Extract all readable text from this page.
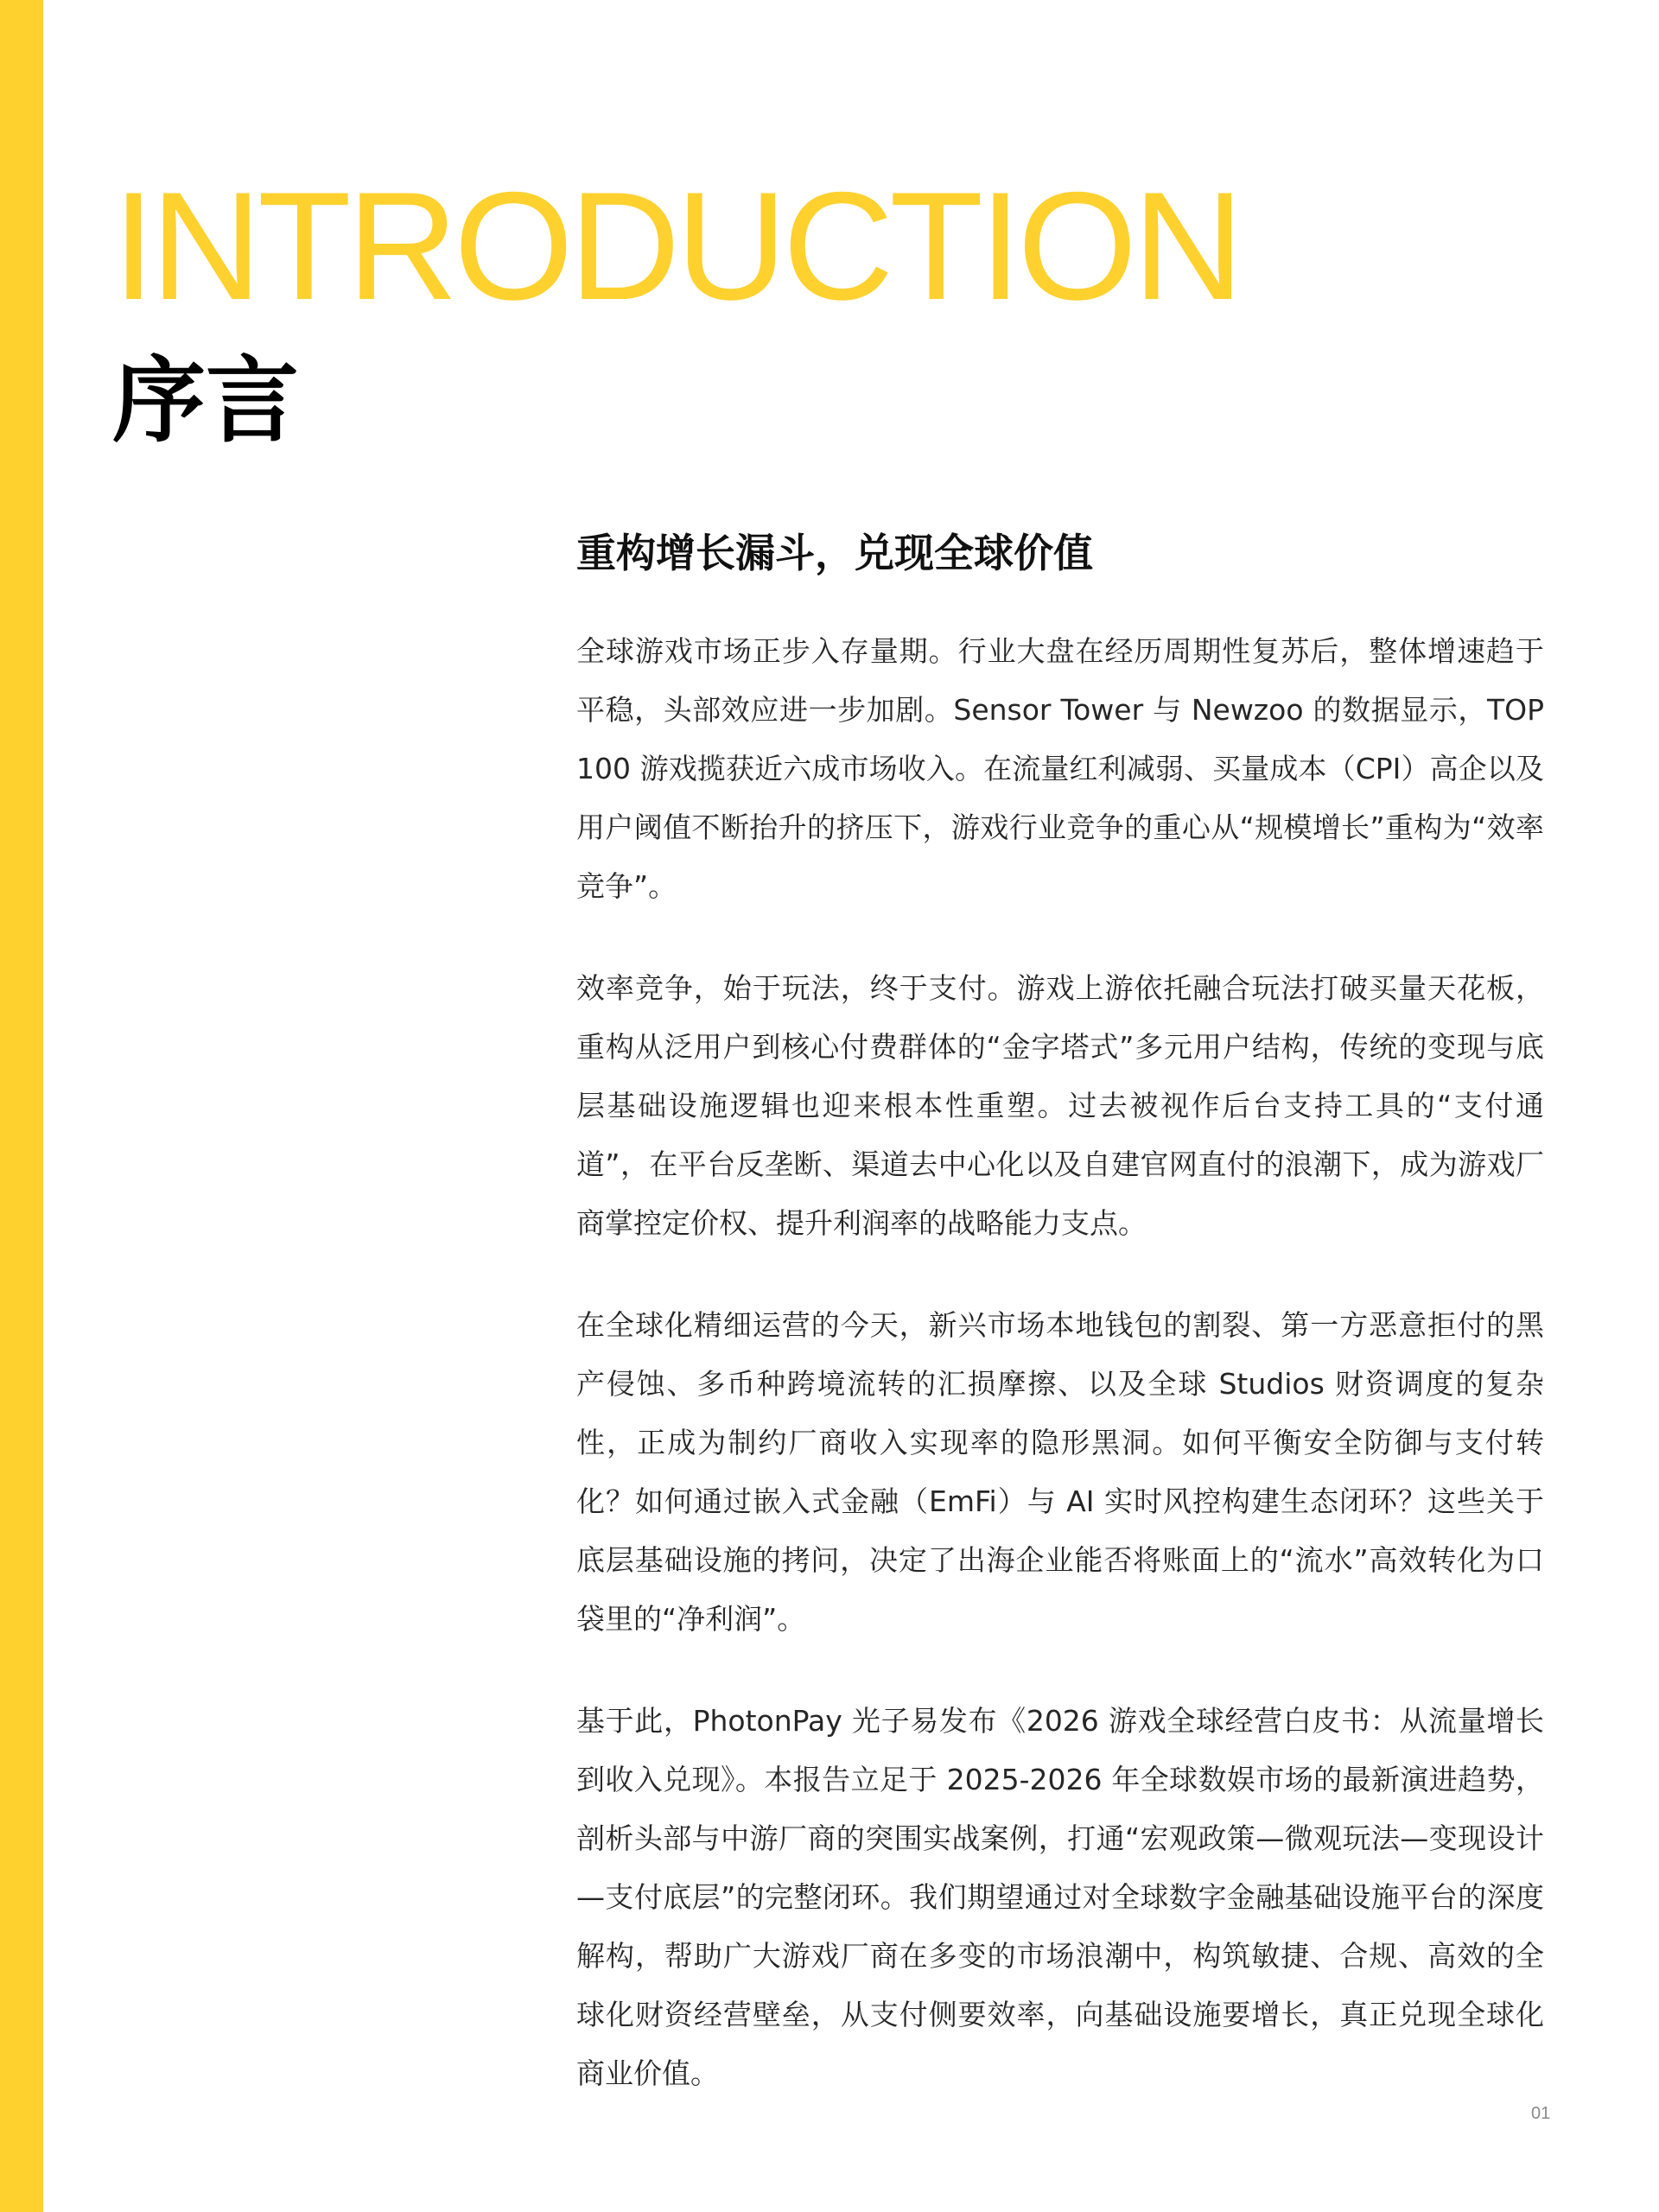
INTRODUCTION
序言
重构增长漏斗，兑现全球价值

全球游戏市场正步入存量期。行业大盘在经历周期性复苏后，整体增速趋于平稳，头部效应进一步加剧。Sensor Tower 与 Newzoo 的数据显示，TOP 100 游戏揽获近六成市场收入。在流量红利减弱、买量成本（CPI）高企以及用户阈值不断抬升的挤压下，游戏行业竞争的重心从“规模增长”重构为“效率竞争”。

效率竞争，始于玩法，终于支付。游戏上游依托融合玩法打破买量天花板，重构从泛用户到核心付费群体的“金字塔式”多元用户结构，传统的变现与底层基础设施逻辑也迎来根本性重塑。过去被视作后台支持工具的“支付通道”，在平台反垄断、渠道去中心化以及自建官网直付的浪潮下，成为游戏厂商掌控定价权、提升利润率的战略能力支点。

在全球化精细运营的今天，新兴市场本地钱包的割裂、第一方恶意拒付的黑产侵蚀、多币种跨境流转的汇损摩擦、以及全球 Studios 财资调度的复杂性，正成为制约厂商收入实现率的隐形黑洞。如何平衡安全防御与支付转化？如何通过嵌入式金融（EmFi）与 AI 实时风控构建生态闭环？这些关于底层基础设施的拷问，决定了出海企业能否将账面上的“流水”高效转化为口袋里的“净利润”。

基于此，PhotonPay 光子易发布《2026 游戏全球经营白皮书：从流量增长到收入兑现》。本报告立足于 2025-2026 年全球数娱市场的最新演进趋势，剖析头部与中游厂商的突围实战案例，打通“宏观政策—微观玩法—变现设计—支付底层”的完整闭环。我们期望通过对全球数字金融基础设施平台的深度解构，帮助广大游戏厂商在多变的市场浪潮中，构筑敏捷、合规、高效的全球化财资经营壁垒，从支付侧要效率，向基础设施要增长，真正兑现全球化商业价值。

01
